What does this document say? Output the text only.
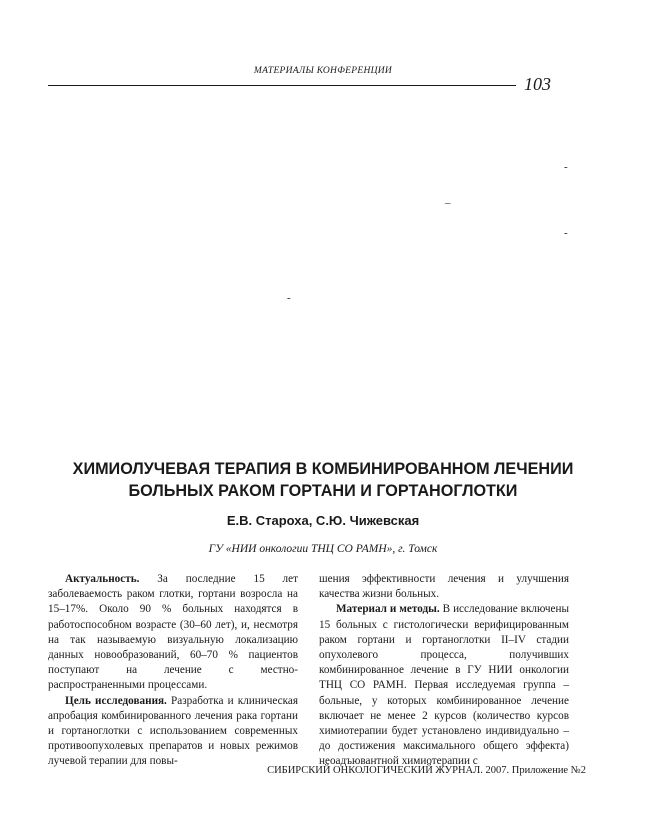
МАТЕРИАЛЫ КОНФЕРЕНЦИИ
103
-
–
-
-
ХИМИОЛУЧЕВАЯ ТЕРАПИЯ В КОМБИНИРОВАННОМ ЛЕЧЕНИИ
БОЛЬНЫХ РАКОМ ГОРТАНИ И ГОРТАНОГЛОТКИ
Е.В. Староха, С.Ю. Чижевская
ГУ «НИИ онкологии ТНЦ СО РАМН», г. Томск

Актуальность. За последние 15 лет заболеваемость раком глотки, гортани возросла на 15–17%. Около 90 % больных находятся в работоспособном возрасте (30–60 лет), и, несмотря на так называемую визуальную локализацию данных новообразований, 60–70 % пациентов поступают на лечение с местно-распространенными процессами.

Цель исследования. Разработка и клиническая апробация комбинированного лечения рака гортани и гортаноглотки с использованием современных противоопухолевых препаратов и новых режимов лучевой терапии для повы-

шения эффективности лечения и улучшения качества жизни больных.

Материал и методы. В исследование включены 15 больных с гистологически верифицированным раком гортани и гортаноглотки II–IV стадии опухолевого процесса, получивших комбинированное лечение в ГУ НИИ онкологии ТНЦ СО РАМН. Первая исследуемая группа – больные, у которых комбинированное лечение включает не менее 2 курсов (количество курсов химиотерапии будет установлено индивидуально – до достижения максимального общего эффекта) неоадъювантной химиотерапии с

СИБИРСКИЙ ОНКОЛОГИЧЕСКИЙ ЖУРНАЛ. 2007. Приложение №2
